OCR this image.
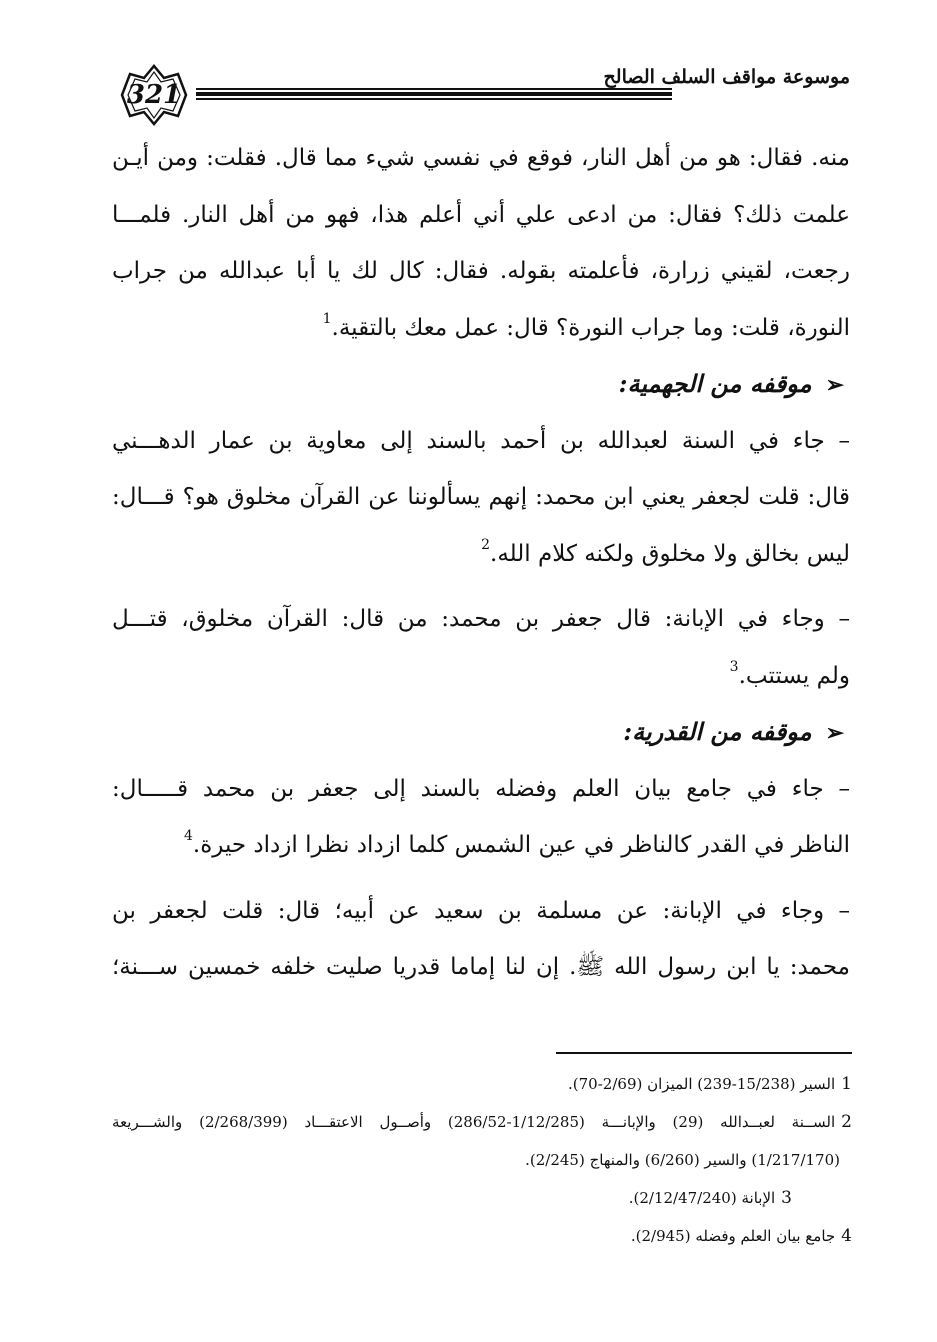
321
موسوعة مواقف السلف الصالح
منه. فقال: هو من أهل النار، فوقع في نفسي شيء مما قال. فقلت: ومن أيـن
علمت ذلك؟ فقال: من ادعى علي أني أعلم هذا، فهو من أهل النار. فلمـــا
رجعت، لقيني زرارة، فأعلمته بقوله. فقال: كال لك يا أبا عبدالله من جراب
النورة، قلت: وما جراب النورة؟ قال: عمل معك بالتقية.$^1$
➢موقفه من الجهمية:
– جاء في السنة لعبدالله بن أحمد بالسند إلى معاوية بن عمار الدهـــني
قال: قلت لجعفر يعني ابن محمد: إنهم يسألوننا عن القرآن مخلوق هو؟ قـــال:
ليس بخالق ولا مخلوق ولكنه كلام الله.$^2$
– وجاء في الإبانة: قال جعفر بن محمد: من قال: القرآن مخلوق، قتـــل
ولم يستتب.$^3$
➢موقفه من القدرية:
– جاء في جامع بيان العلم وفضله بالسند إلى جعفر بن محمد قـــــال:
الناظر في القدر كالناظر في عين الشمس كلما ازداد نظرا ازداد حيرة.$^4$
– وجاء في الإبانة: عن مسلمة بن سعيد عن أبيه؛ قال: قلت لجعفر بن
محمد: يا ابن رسول الله ﷺ. إن لنا إماما قدريا صليت خلفه خمسين ســـنة؛
1السير (15/238-239) الميزان (2/69-70).
2الســنة لعبــدالله (29) والإبانـــة (1/12/285-286/52) وأصــول الاعتقـــاد (2/268/399) والشـــريعة
(1/217/170) والسير (6/260) والمنهاج (2/245).
3الإبانة (2/12/47/240).
4جامع بيان العلم وفضله (2/945).
